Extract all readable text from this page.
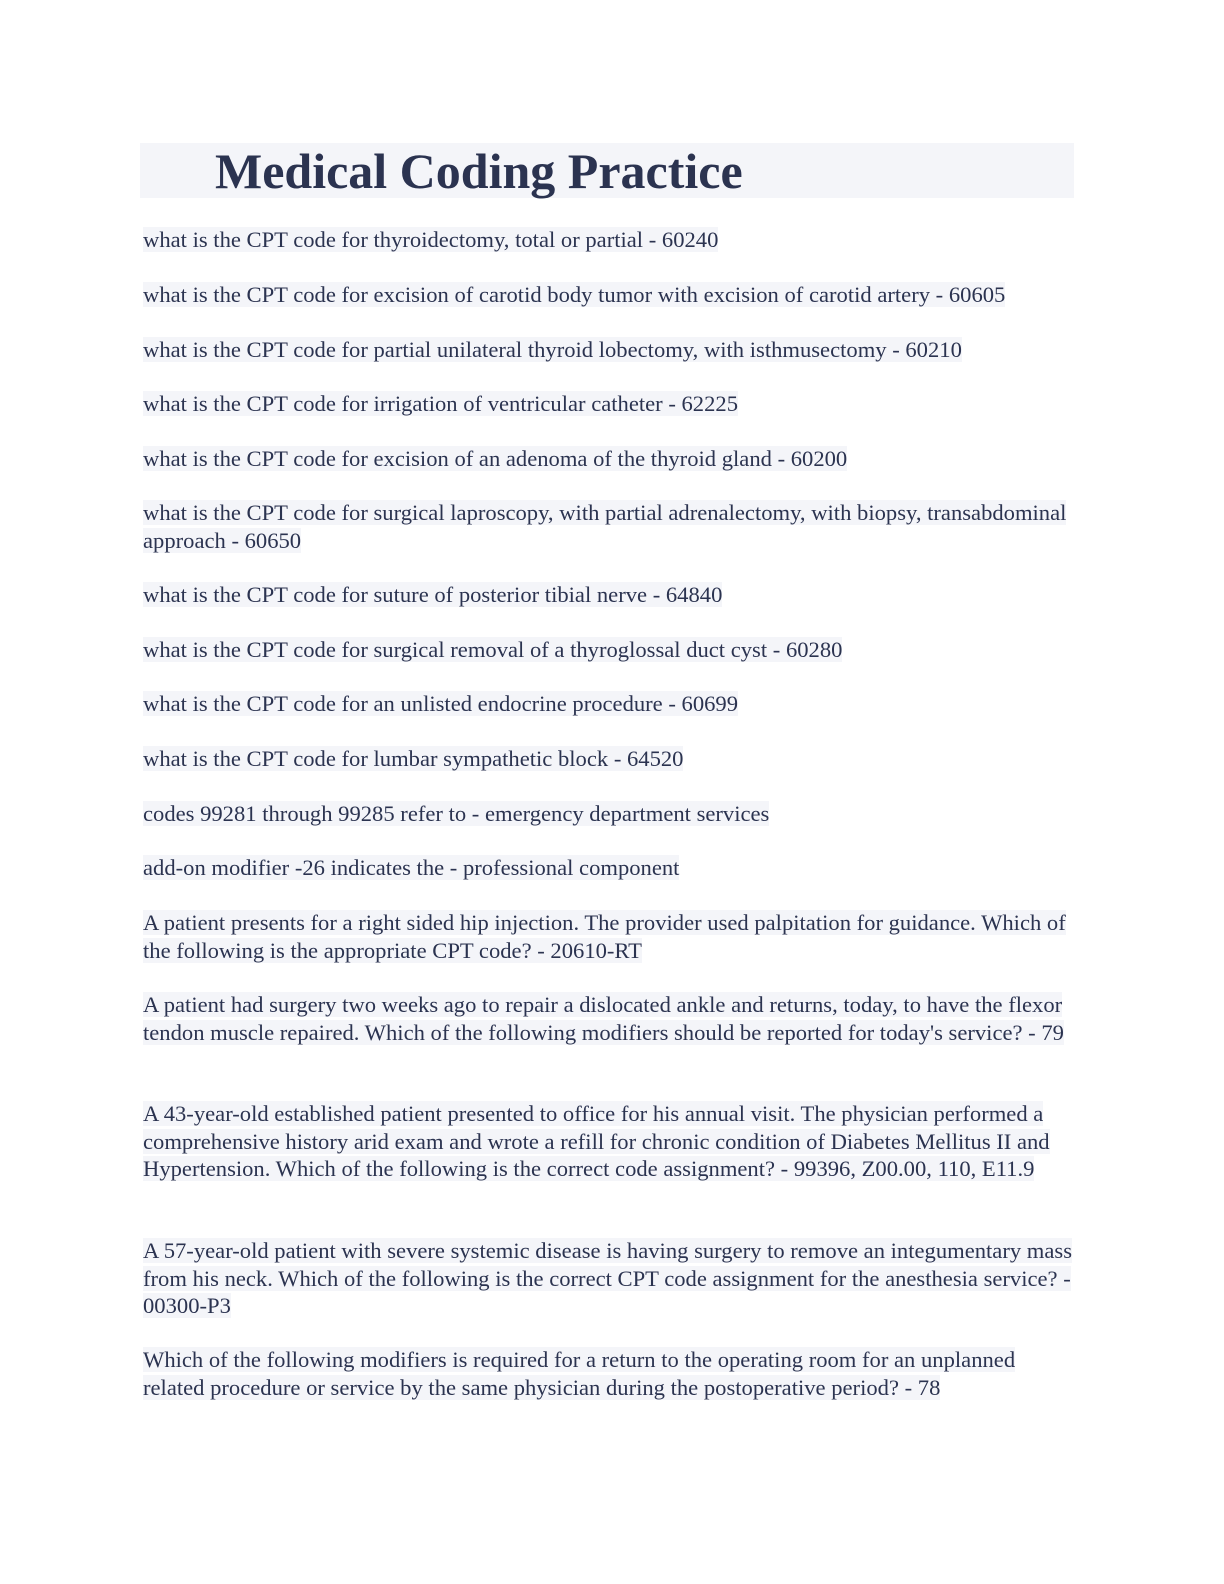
Medical Coding Practice

what is the CPT code for thyroidectomy, total or partial - 60240

what is the CPT code for excision of carotid body tumor with excision of carotid artery - 60605

what is the CPT code for partial unilateral thyroid lobectomy, with isthmusectomy - 60210

what is the CPT code for irrigation of ventricular catheter - 62225

what is the CPT code for excision of an adenoma of the thyroid gland - 60200

what is the CPT code for surgical laproscopy, with partial adrenalectomy, with biopsy, transabdominal approach - 60650

what is the CPT code for suture of posterior tibial nerve - 64840

what is the CPT code for surgical removal of a thyroglossal duct cyst - 60280

what is the CPT code for an unlisted endocrine procedure - 60699

what is the CPT code for lumbar sympathetic block - 64520

codes 99281 through 99285 refer to - emergency department services

add-on modifier -26 indicates the - professional component

A patient presents for a right sided hip injection. The provider used palpitation for guidance. Which of the following is the appropriate CPT code? - 20610-RT

A patient had surgery two weeks ago to repair a dislocated ankle and returns, today, to have the flexor tendon muscle repaired. Which of the following modifiers should be reported for today's service? - 79

A 43-year-old established patient presented to office for his annual visit. The physician performed a comprehensive history arid exam and wrote a refill for chronic condition of Diabetes Mellitus II and Hypertension. Which of the following is the correct code assignment? - 99396, Z00.00, 110, E11.9

A 57-year-old patient with severe systemic disease is having surgery to remove an integumentary mass from his neck. Which of the following is the correct CPT code assignment for the anesthesia service? - 00300-P3

Which of the following modifiers is required for a return to the operating room for an unplanned related procedure or service by the same physician during the postoperative period? - 78
